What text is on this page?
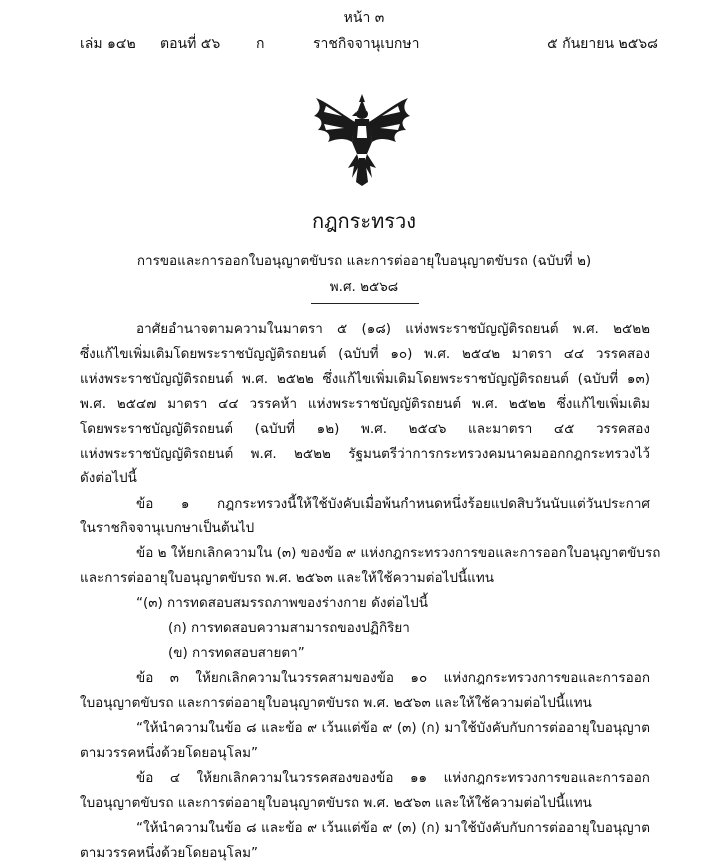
หน้า ๓
เล่ม ๑๔๒ ตอนที่ ๕๖	ก	ราชกิจจานุเบกษา	๕ กันยายน ๒๕๖๘
กฎกระทรวง
การขอและการออกใบอนุญาตขับรถ และการต่ออายุใบอนุญาตขับรถ (ฉบับที่ ๒)
พ.ศ. ๒๕๖๘
อาศัยอำนาจตามความในมาตรา ๕ (๑๘) แห่งพระราชบัญญัติรถยนต์ พ.ศ. ๒๕๒๒
ซึ่งแก้ไขเพิ่มเติมโดยพระราชบัญญัติรถยนต์ (ฉบับที่ ๑๐) พ.ศ. ๒๕๔๒ มาตรา ๔๔ วรรคสอง
แห่งพระราชบัญญัติรถยนต์ พ.ศ. ๒๕๒๒ ซึ่งแก้ไขเพิ่มเติมโดยพระราชบัญญัติรถยนต์ (ฉบับที่ ๑๓)
พ.ศ. ๒๕๔๗ มาตรา ๔๔ วรรคห้า แห่งพระราชบัญญัติรถยนต์ พ.ศ. ๒๕๒๒ ซึ่งแก้ไขเพิ่มเติม
โดยพระราชบัญญัติรถยนต์ (ฉบับที่ ๑๒) พ.ศ. ๒๕๔๖ และมาตรา ๔๕ วรรคสอง
แห่งพระราชบัญญัติรถยนต์ พ.ศ. ๒๕๒๒ รัฐมนตรีว่าการกระทรวงคมนาคมออกกฎกระทรวงไว้
ดังต่อไปนี้
ข้อ ๑ กฎกระทรวงนี้ให้ใช้บังคับเมื่อพ้นกำหนดหนึ่งร้อยแปดสิบวันนับแต่วันประกาศ
ในราชกิจจานุเบกษาเป็นต้นไป
ข้อ ๒ ให้ยกเลิกความใน (๓) ของข้อ ๙ แห่งกฎกระทรวงการขอและการออกใบอนุญาตขับรถ
และการต่ออายุใบอนุญาตขับรถ พ.ศ. ๒๕๖๓ และให้ใช้ความต่อไปนี้แทน
“(๓) การทดสอบสมรรถภาพของร่างกาย ดังต่อไปนี้
(ก) การทดสอบความสามารถของปฏิกิริยา
(ข) การทดสอบสายตา”
ข้อ ๓ ให้ยกเลิกความในวรรคสามของข้อ ๑๐ แห่งกฎกระทรวงการขอและการออก
ใบอนุญาตขับรถ และการต่ออายุใบอนุญาตขับรถ พ.ศ. ๒๕๖๓ และให้ใช้ความต่อไปนี้แทน
“ให้นำความในข้อ ๘ และข้อ ๙ เว้นแต่ข้อ ๙ (๓) (ก) มาใช้บังคับกับการต่ออายุใบอนุญาต
ตามวรรคหนึ่งด้วยโดยอนุโลม”
ข้อ ๔ ให้ยกเลิกความในวรรคสองของข้อ ๑๑ แห่งกฎกระทรวงการขอและการออก
ใบอนุญาตขับรถ และการต่ออายุใบอนุญาตขับรถ พ.ศ. ๒๕๖๓ และให้ใช้ความต่อไปนี้แทน
“ให้นำความในข้อ ๘ และข้อ ๙ เว้นแต่ข้อ ๙ (๓) (ก) มาใช้บังคับกับการต่ออายุใบอนุญาต
ตามวรรคหนึ่งด้วยโดยอนุโลม”
